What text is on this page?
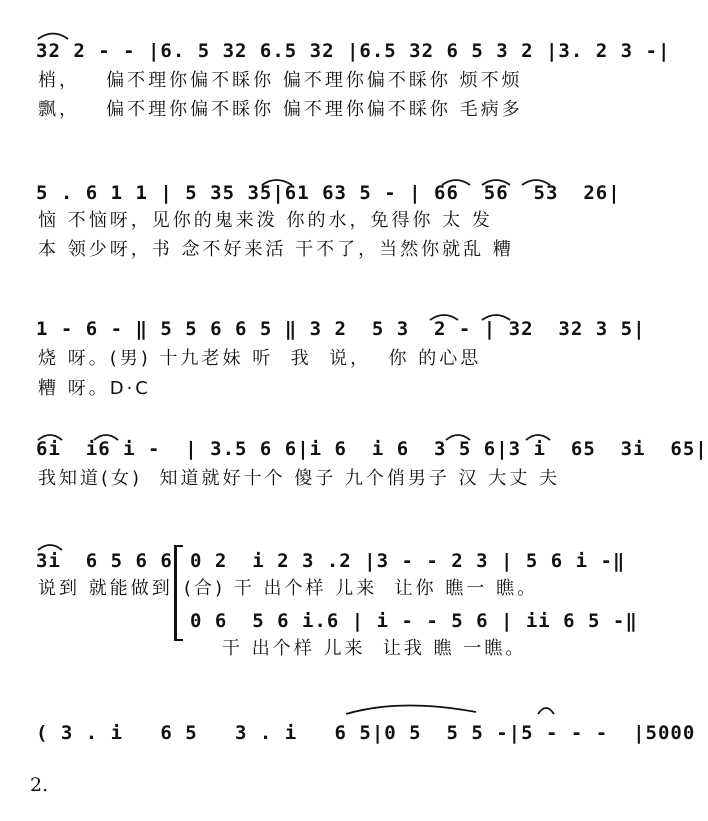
32 2 - - |6. 5 32 6.5 32 |6.5 32 6 5 3 2 |3. 2 3 -|
梢，   偏不理你偏不睬你 偏不理你偏不睬你 烦不烦
飘，   偏不理你偏不睬你 偏不理你偏不睬你 毛病多
5 . 6 1 1 | 5 35 35|61 63 5 - | 66  56  53  26|
恼 不恼呀，见你的鬼来泼 你的水，免得你 太 发
本 领少呀，书 念不好来活 干不了，当然你就乱 糟
1 - 6 - ‖ 5 5 6 6 5 ‖ 3 2  5 3  2 - | 32  32 3 5|
烧 呀。(男) 十九老妹 听  我  说，  你 的心思
糟 呀。D·C
6i  i6 i -  | 3.5 6 6|i 6  i 6  3 5 6|3 i  65  3i  65|
我知道(女)  知道就好十个 傻子 九个俏男子 汉 大丈 夫
3i  6 5 6 6
说到 就能做到
0 2  i 2 3 .2 |3 - - 2 3 | 5 6 i -‖
(合) 干 出个样 儿来  让你 瞧一 瞧。
0 6  5 6 i.6 | i - - 5 6 | ii 6 5 -‖
干 出个样 儿来  让我 瞧 一瞧。
( 3 . i   6 5   3 . i   6 5|0 5  5 5 -|5 - - -  |5000
2.
